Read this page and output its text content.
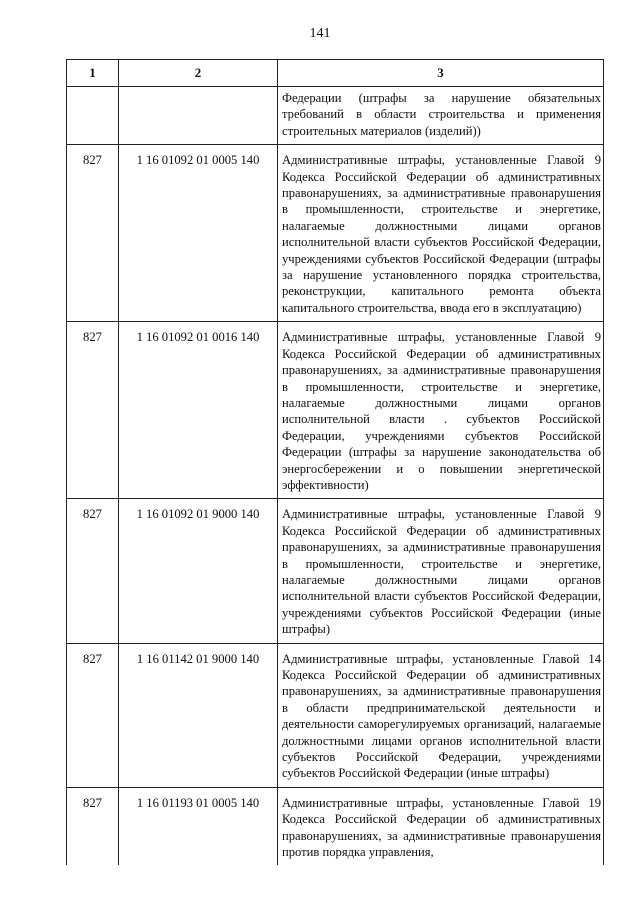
141
1	2	3
		Федерации (штрафы за нарушение обязательных требований в области строительства и применения строительных материалов (изделий))
827	1 16 01092 01 0005 140	Административные штрафы, установленные Главой 9 Кодекса Российской Федерации об административных правонарушениях, за административные правонарушения в промышленности, строительстве и энергетике, налагаемые должностными лицами органов исполнительной власти субъектов Российской Федерации, учреждениями субъектов Российской Федерации (штрафы за нарушение установленного порядка строительства, реконструкции, капитального ремонта объекта капитального строительства, ввода его в эксплуатацию)
827	1 16 01092 01 0016 140	Административные штрафы, установленные Главой 9 Кодекса Российской Федерации об административных правонарушениях, за административные правонарушения в промышленности, строительстве и энергетике, налагаемые должностными лицами органов исполнительной власти . субъектов Российской Федерации, учреждениями субъектов Российской Федерации (штрафы за нарушение законодательства об энергосбережении и о повышении энергетической эффективности)
827	1 16 01092 01 9000 140	Административные штрафы, установленные Главой 9 Кодекса Российской Федерации об административных правонарушениях, за административные правонарушения в промышленности, строительстве и энергетике, налагаемые должностными лицами органов исполнительной власти субъектов Российской Федерации, учреждениями субъектов Российской Федерации (иные штрафы)
827	1 16 01142 01 9000 140	Административные штрафы, установленные Главой 14 Кодекса Российской Федерации об административных правонарушениях, за административные правонарушения в области предпринимательской деятельности и деятельности саморегулируемых организаций, налагаемые должностными лицами органов исполнительной власти субъектов Российской Федерации, учреждениями субъектов Российской Федерации (иные штрафы)
827	1 16 01193 01 0005 140	Административные штрафы, установленные Главой 19 Кодекса Российской Федерации об административных правонарушениях, за административные правонарушения против порядка управления,
